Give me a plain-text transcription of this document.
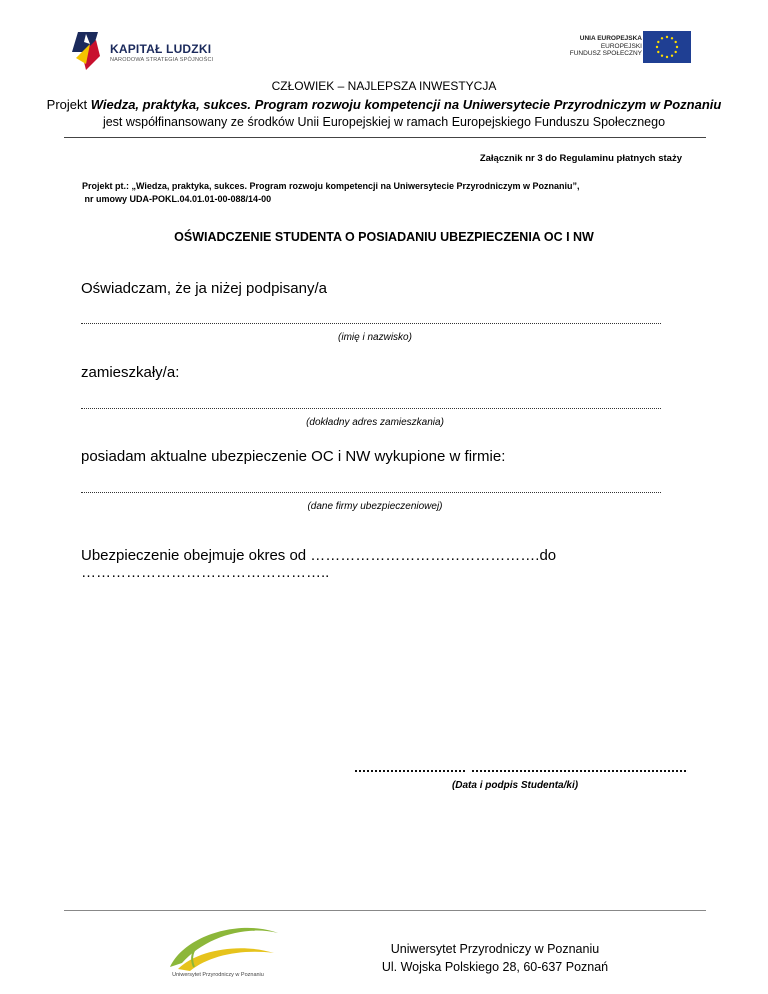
KAPITAŁ LUDZKI
NARODOWA STRATEGIA SPÓJNOŚCI
UNIA EUROPEJSKA
EUROPEJSKI
FUNDUSZ SPOŁECZNY
CZŁOWIEK – NAJLEPSZA INWESTYCJA
Projekt Wiedza, praktyka, sukces. Program rozwoju kompetencji na Uniwersytecie Przyrodniczym w Poznaniu
jest współfinansowany ze środków Unii Europejskiej w ramach Europejskiego Funduszu Społecznego
Załącznik nr 3 do Regulaminu płatnych staży
Projekt pt.: „Wiedza, praktyka, sukces. Program rozwoju kompetencji na Uniwersytecie Przyrodniczym w Poznaniu”,
nr umowy UDA-POKL.04.01.01-00-088/14-00
OŚWIADCZENIE STUDENTA O POSIADANIU UBEZPIECZENIA OC I NW
Oświadczam, że ja niżej podpisany/a
(imię i nazwisko)
zamieszkały/a:
(dokładny adres zamieszkania)
posiadam aktualne ubezpieczenie OC i NW wykupione w firmie:
(dane firmy ubezpieczeniowej)
Ubezpieczenie obejmuje okres od ……………………………………….do …………………………………………..
(Data i podpis Studenta/ki)
Uniwersytet Przyrodniczy w Poznaniu
Uniwersytet Przyrodniczy w Poznaniu
Ul. Wojska Polskiego 28, 60-637 Poznań
